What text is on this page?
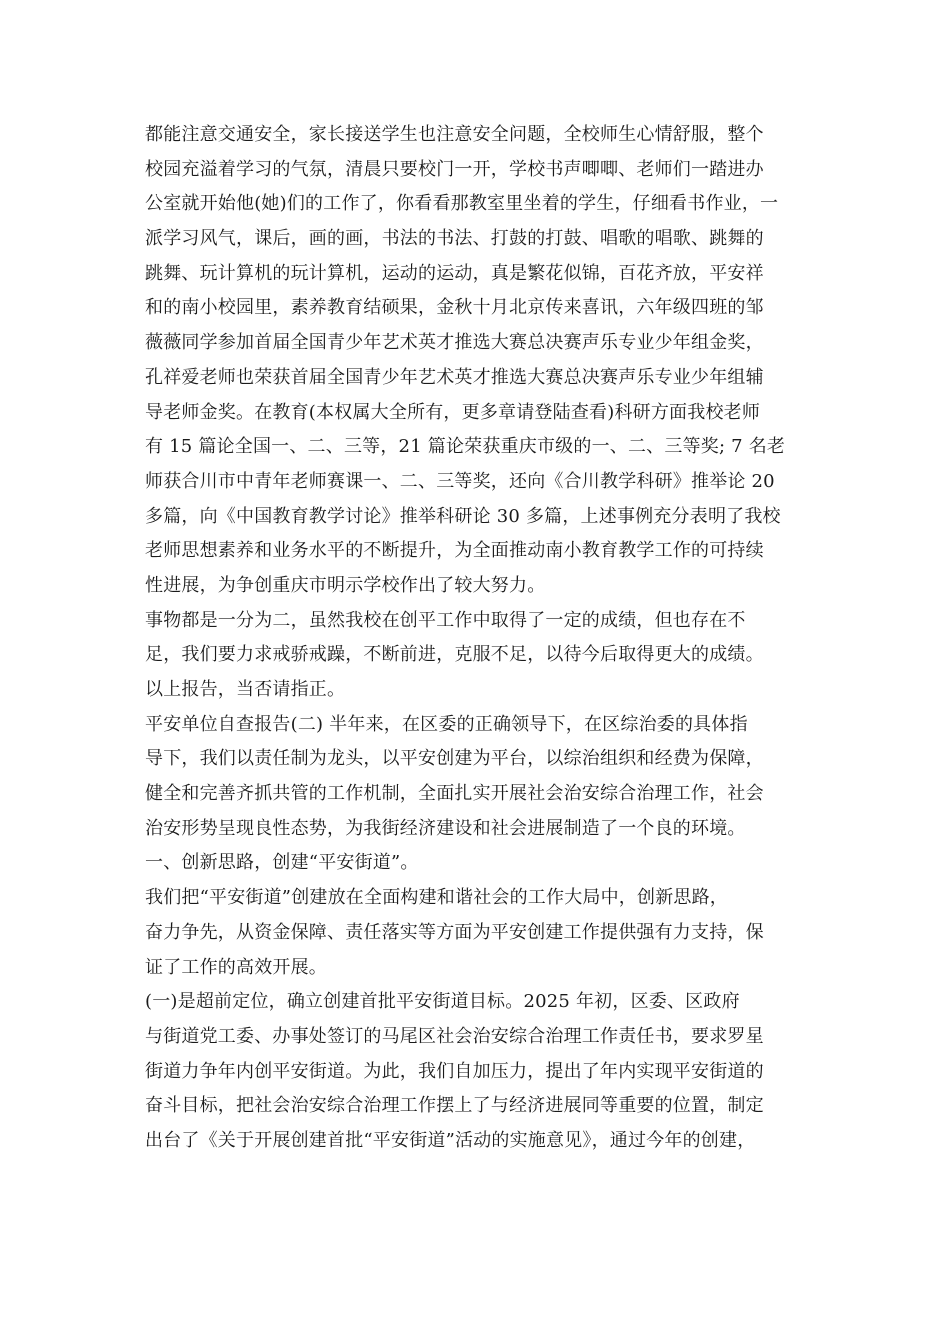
都能注意交通安全，家长接送学生也注意安全问题，全校师生心情舒服，整个
校园充溢着学习的气氛，清晨只要校门一开，学校书声唧唧、老师们一踏进办
公室就开始他(她)们的工作了，你看看那教室里坐着的学生，仔细看书作业，一
派学习风气，课后，画的画，书法的书法、打鼓的打鼓、唱歌的唱歌、跳舞的
跳舞、玩计算机的玩计算机，运动的运动，真是繁花似锦，百花齐放，平安祥
和的南小校园里，素养教育结硕果，金秋十月北京传来喜讯，六年级四班的邹
薇薇同学参加首届全国青少年艺术英才推选大赛总决赛声乐专业少年组金奖，
孔祥爱老师也荣获首届全国青少年艺术英才推选大赛总决赛声乐专业少年组辅
导老师金奖。在教育(本权属大全所有，更多章请登陆查看)科研方面我校老师
有 15 篇论全国一、二、三等，21 篇论荣获重庆市级的一、二、三等奖; 7 名老
师获合川市中青年老师赛课一、二、三等奖，还向《合川教学科研》推举论 20
多篇，向《中国教育教学讨论》推举科研论 30 多篇，上述事例充分表明了我校
老师思想素养和业务水平的不断提升，为全面推动南小教育教学工作的可持续
性进展，为争创重庆市明示学校作出了较大努力。
事物都是一分为二，虽然我校在创平工作中取得了一定的成绩，但也存在不
足，我们要力求戒骄戒躁，不断前进，克服不足，以待今后取得更大的成绩。
以上报告，当否请指正。
平安单位自查报告(二) 半年来，在区委的正确领导下，在区综治委的具体指
导下，我们以责任制为龙头，以平安创建为平台，以综治组织和经费为保障，
健全和完善齐抓共管的工作机制，全面扎实开展社会治安综合治理工作，社会
治安形势呈现良性态势，为我街经济建设和社会进展制造了一个良的环境。
一、创新思路，创建“平安街道”。
我们把“平安街道”创建放在全面构建和谐社会的工作大局中，创新思路，
奋力争先，从资金保障、责任落实等方面为平安创建工作提供强有力支持，保
证了工作的高效开展。
(一)是超前定位，确立创建首批平安街道目标。2025 年初，区委、区政府
与街道党工委、办事处签订的马尾区社会治安综合治理工作责任书，要求罗星
街道力争年内创平安街道。为此，我们自加压力，提出了年内实现平安街道的
奋斗目标，把社会治安综合治理工作摆上了与经济进展同等重要的位置，制定
出台了《关于开展创建首批“平安街道”活动的实施意见》，通过今年的创建，
